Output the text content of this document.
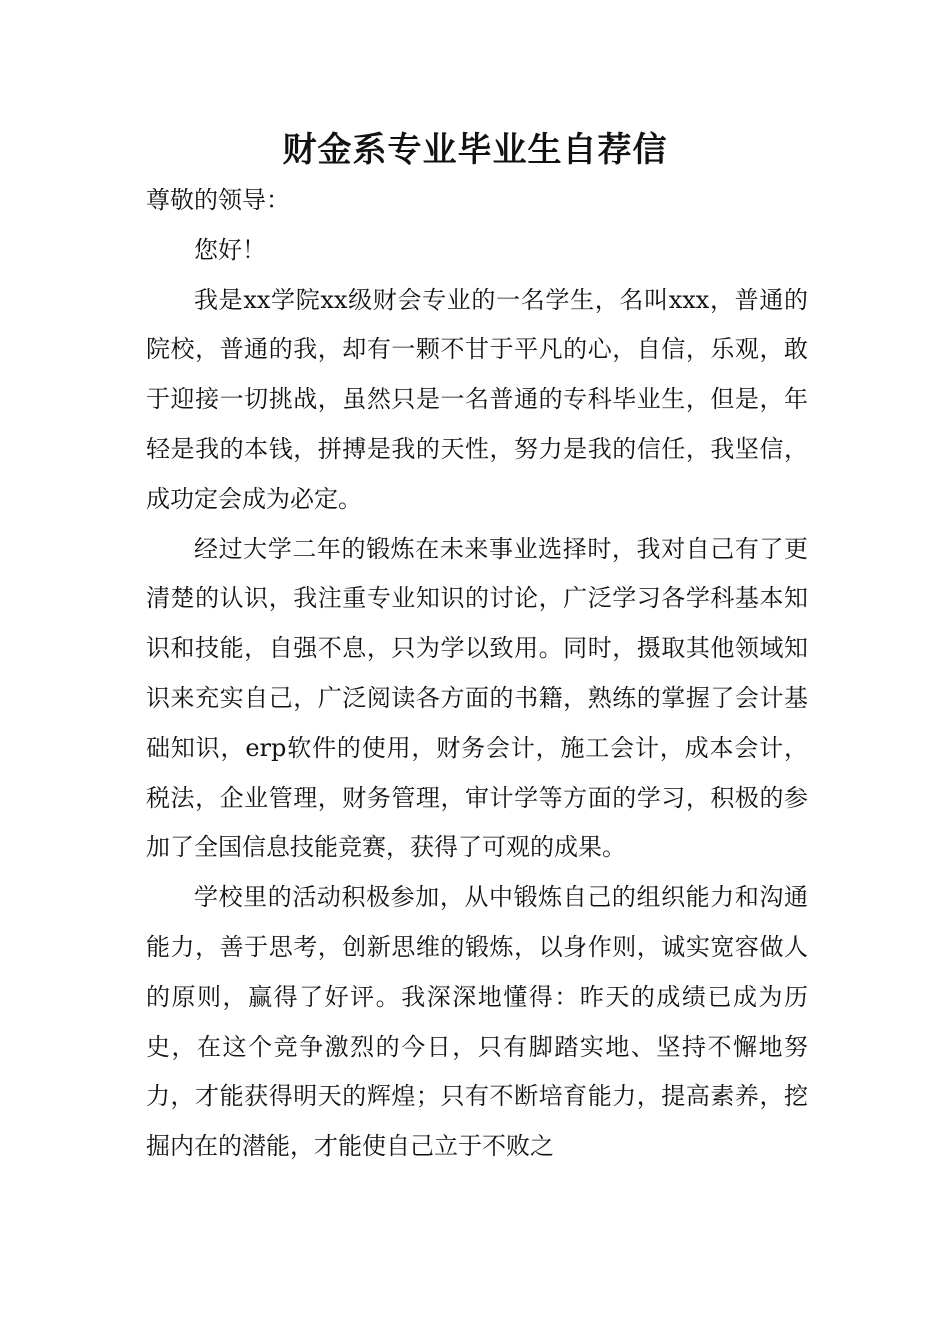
财金系专业毕业生自荐信

尊敬的领导：

您好！

我是xx学院xx级财会专业的一名学生，名叫xxx，普通的院校，普通的我，却有一颗不甘于平凡的心，自信，乐观，敢于迎接一切挑战，虽然只是一名普通的专科毕业生，但是，年轻是我的本钱，拼搏是我的天性，努力是我的信任，我坚信，成功定会成为必定。

经过大学二年的锻炼在未来事业选择时，我对自己有了更清楚的认识，我注重专业知识的讨论，广泛学习各学科基本知识和技能，自强不息，只为学以致用。同时，摄取其他领域知识来充实自己，广泛阅读各方面的书籍，熟练的掌握了会计基础知识，erp软件的使用，财务会计，施工会计，成本会计，税法，企业管理，财务管理，审计学等方面的学习，积极的参加了全国信息技能竞赛，获得了可观的成果。

学校里的活动积极参加，从中锻炼自己的组织能力和沟通能力，善于思考，创新思维的锻炼，以身作则，诚实宽容做人的原则，赢得了好评。我深深地懂得：昨天的成绩已成为历史，在这个竞争激烈的今日，只有脚踏实地、坚持不懈地努力，才能获得明天的辉煌；只有不断培育能力，提高素养，挖掘内在的潜能，才能使自己立于不败之
